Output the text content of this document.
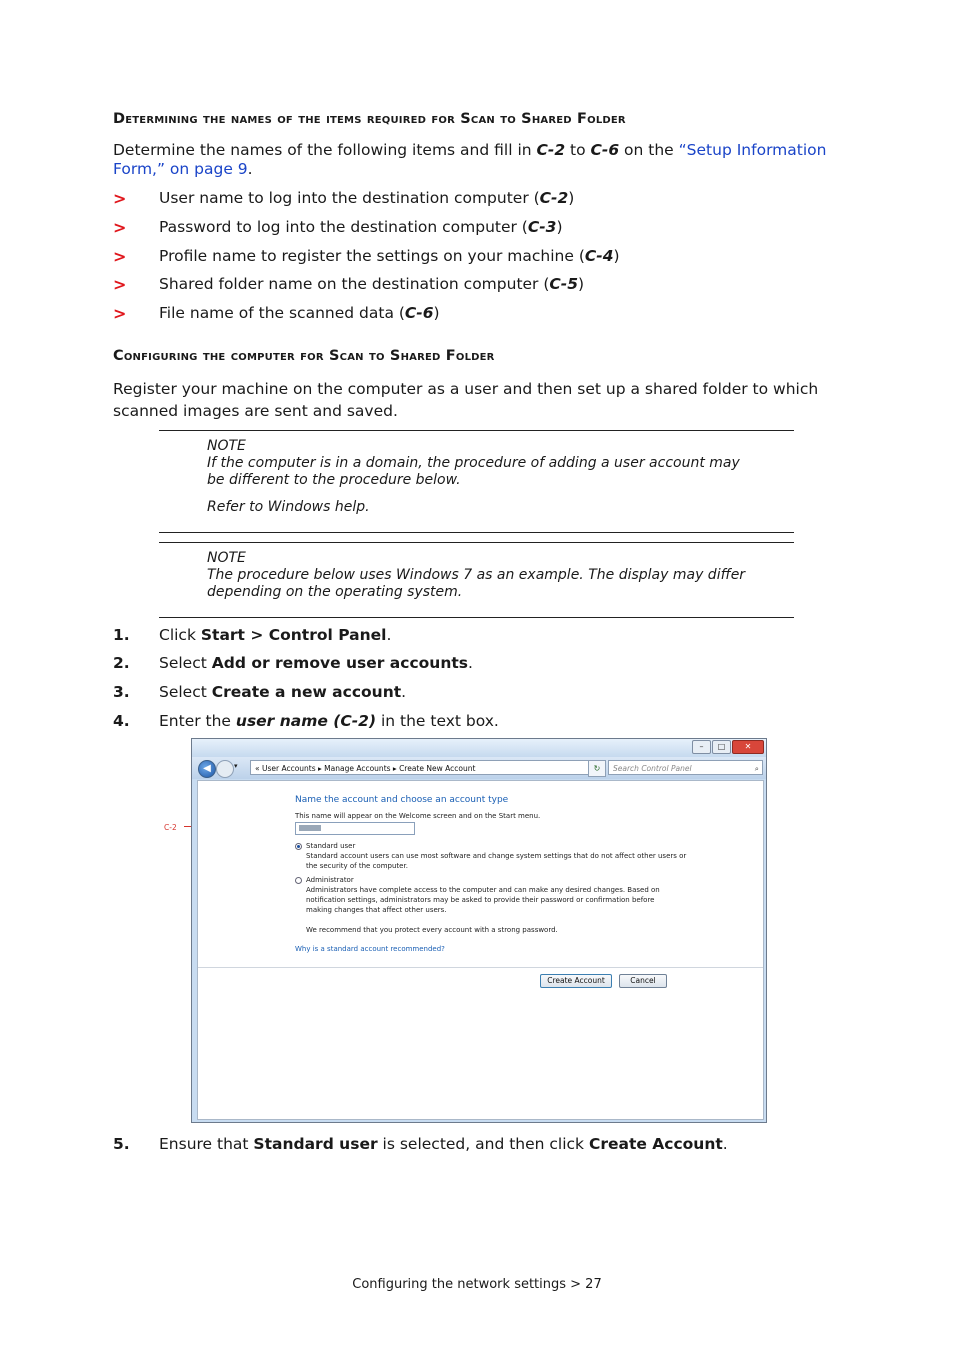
Determining the names of the items required for Scan to Shared Folder
Determine the names of the following items and fill in C-2 to C-6 on the “Setup Information Form,” on page 9.
> User name to log into the destination computer (C-2)
> Password to log into the destination computer (C-3)
> Profile name to register the settings on your machine (C-4)
> Shared folder name on the destination computer (C-5)
> File name of the scanned data (C-6)
Configuring the computer for Scan to Shared Folder
Register your machine on the computer as a user and then set up a shared folder to which
scanned images are sent and saved.
NOTE
If the computer is in a domain, the procedure of adding a user account may
be different to the procedure below.
Refer to Windows help.
NOTE
The procedure below uses Windows 7 as an example. The display may differ
depending on the operating system.
1. Click Start > Control Panel.
2. Select Add or remove user accounts.
3. Select Create a new account.
4. Enter the user name (C-2) in the text box.
C-2
–	□	✕
◀	▾	« User Accounts ▸ Manage Accounts ▸ Create New Account	↻	Search Control Panel	⌕
Name the account and choose an account type
This name will appear on the Welcome screen and on the Start menu.
Standard user
Standard account users can use most software and change system settings that do not affect other users or
the security of the computer.
Administrator
Administrators have complete access to the computer and can make any desired changes. Based on
notification settings, administrators may be asked to provide their password or confirmation before
making changes that affect other users.
We recommend that you protect every account with a strong password.
Why is a standard account recommended?
Create Account	Cancel
5. Ensure that Standard user is selected, and then click Create Account.
Configuring the network settings > 27
